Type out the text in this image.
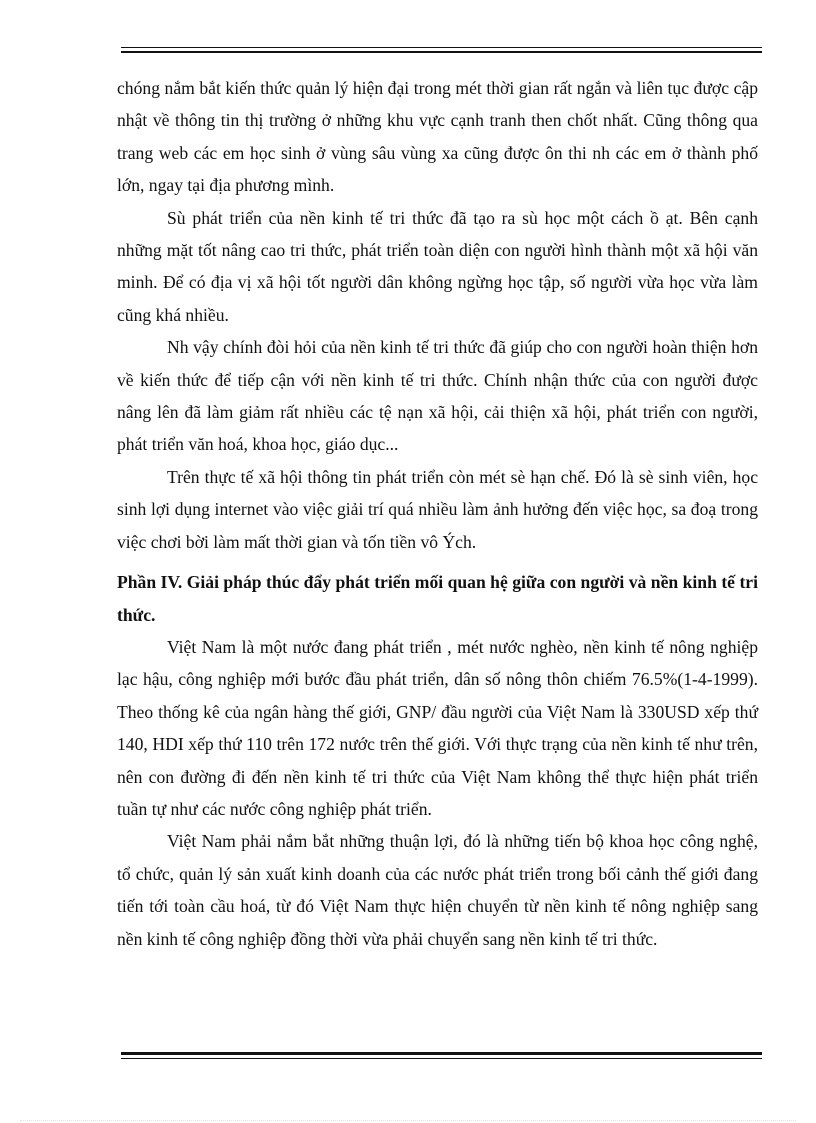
chóng nắm bắt kiến thức quản lý hiện đại trong mét thời gian rất ngắn và liên tục được cập nhật về thông tin thị trường ở những khu vực cạnh tranh then chốt nhất. Cũng thông qua trang web các em học sinh ở vùng sâu vùng xa cũng được ôn thi nh các em ở thành phố lớn, ngay tại địa phương mình.

Sù phát triển của nền kinh tế tri thức đã tạo ra sù học một cách ồ ạt. Bên cạnh những mặt tốt nâng cao tri thức, phát triển toàn diện con người hình thành một xã hội văn minh. Để có địa vị xã hội tốt người dân không ngừng học tập, số người vừa học vừa làm cũng khá nhiều.

Nh vậy chính đòi hỏi của nền kinh tế tri thức đã giúp cho con người hoàn thiện hơn về kiến thức để tiếp cận với nền kinh tế tri thức. Chính nhận thức của con người được nâng lên đã làm giảm rất nhiều các tệ nạn xã hội, cải thiện xã hội, phát triển con người, phát triển văn hoá, khoa học, giáo dục...

Trên thực tế xã hội thông tin phát triển còn mét sè hạn chế. Đó là sè sinh viên, học sinh lợi dụng internet vào việc giải trí quá nhiều làm ảnh hưởng đến việc học, sa đoạ trong việc chơi bời làm mất thời gian và tốn tiền vô Ých.

Phần IV. Giải pháp thúc đẩy phát triển mối quan hệ giữa con người và nền kinh tế tri thức.

Việt Nam là một nước đang phát triển , mét nước nghèo, nền kinh tế nông nghiệp lạc hậu, công nghiệp mới bước đầu phát triển, dân số nông thôn chiếm 76.5%(1-4-1999). Theo thống kê của ngân hàng thế giới, GNP/ đầu người của Việt Nam là 330USD xếp thứ 140, HDI xếp thứ 110 trên 172 nước trên thế giới. Với thực trạng của nền kinh tế như trên, nên con đường đi đến nền kinh tế tri thức của Việt Nam không thể thực hiện phát triển tuần tự như các nước công nghiệp phát triển.

Việt Nam phải nắm bắt những thuận lợi, đó là những tiến bộ khoa học công nghệ, tổ chức, quản lý sản xuất kinh doanh của các nước phát triển trong bối cảnh thế giới đang tiến tới toàn cầu hoá, từ đó Việt Nam thực hiện chuyển từ nền kinh tế nông nghiệp sang nền kinh tế công nghiệp đồng thời vừa phải chuyển sang nền kinh tế tri thức.
